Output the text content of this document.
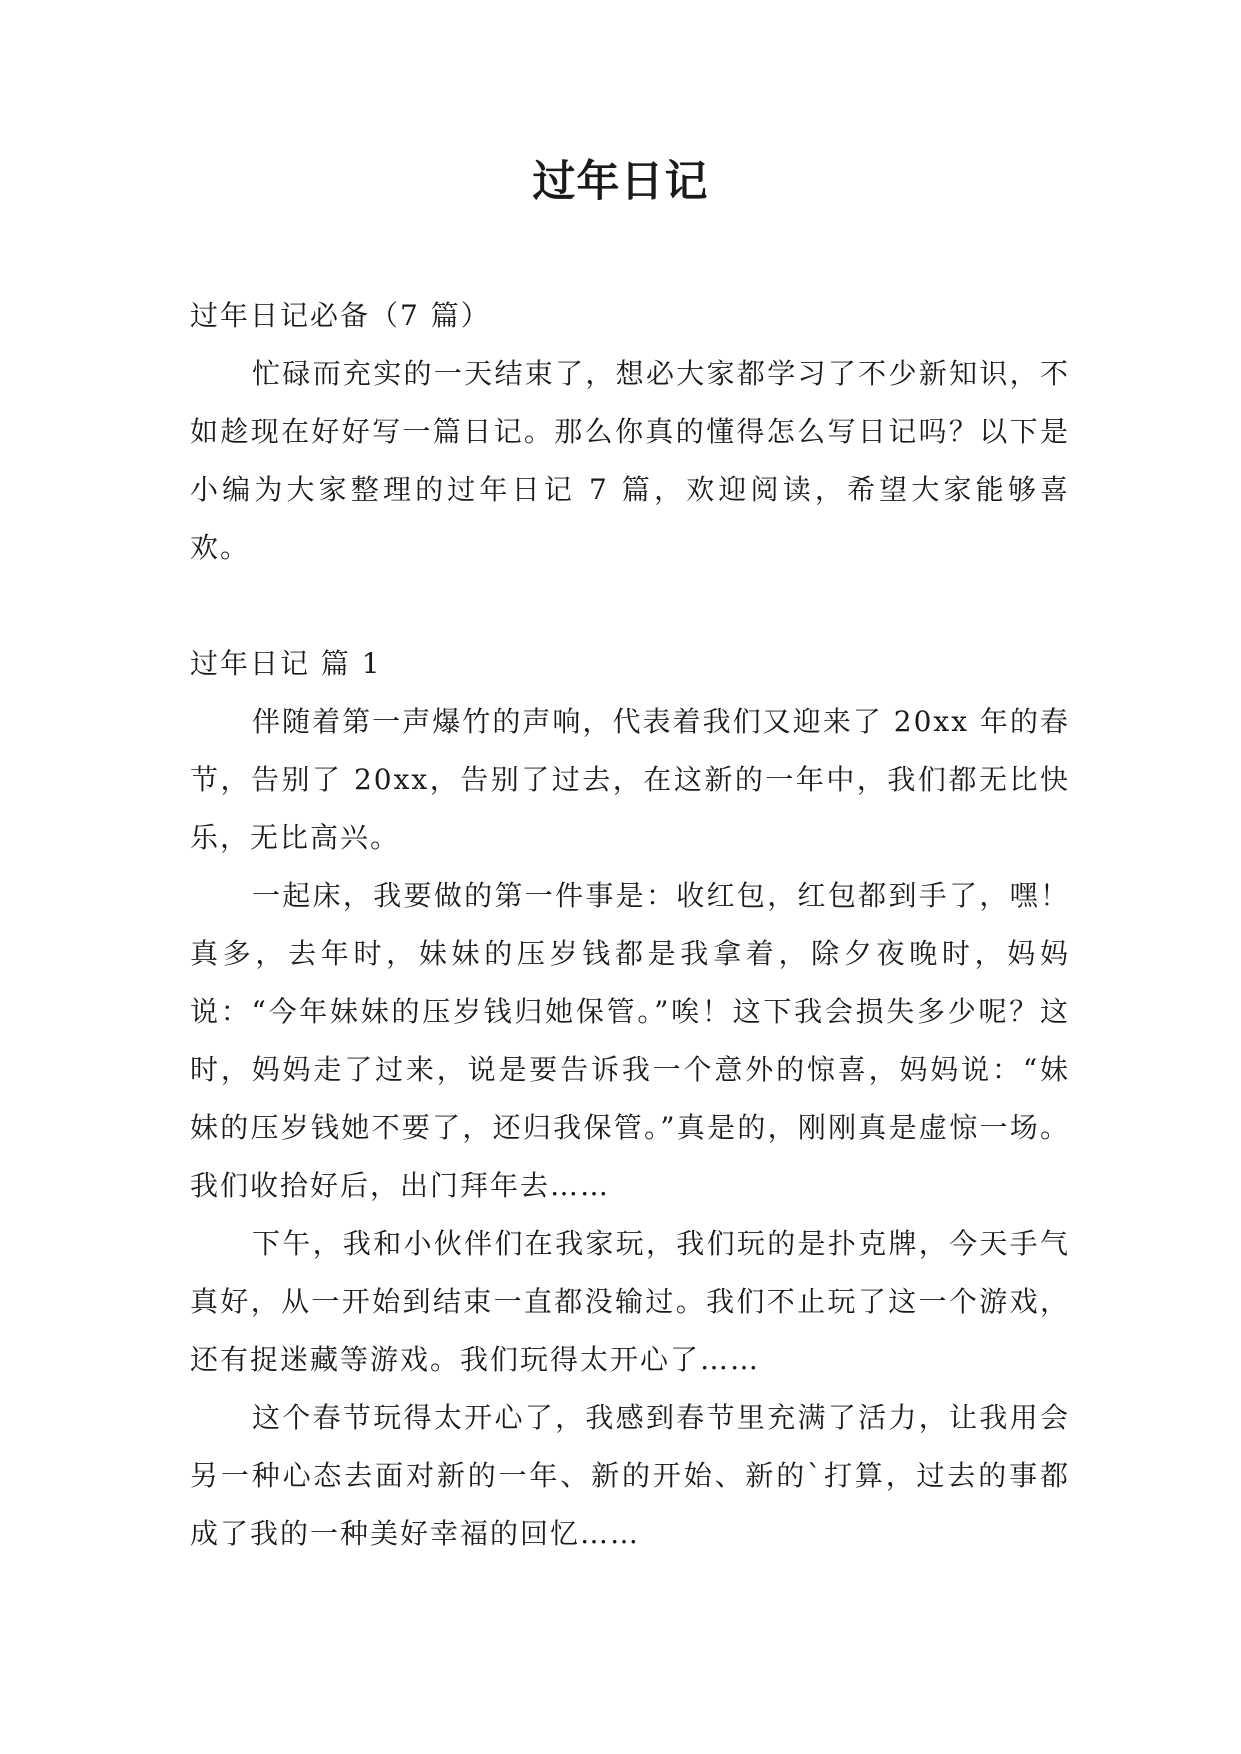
过年日记

过年日记必备（7 篇）

忙碌而充实的一天结束了，想必大家都学习了不少新知识，不如趁现在好好写一篇日记。那么你真的懂得怎么写日记吗？以下是小编为大家整理的过年日记 7 篇，欢迎阅读，希望大家能够喜欢。

过年日记 篇 1

伴随着第一声爆竹的声响，代表着我们又迎来了 20xx 年的春节，告别了 20xx，告别了过去，在这新的一年中，我们都无比快乐，无比高兴。

一起床，我要做的第一件事是：收红包，红包都到手了，嘿！真多，去年时，妹妹的压岁钱都是我拿着，除夕夜晚时，妈妈说：“今年妹妹的压岁钱归她保管。”唉！这下我会损失多少呢？这时，妈妈走了过来，说是要告诉我一个意外的惊喜，妈妈说：“妹妹的压岁钱她不要了，还归我保管。”真是的，刚刚真是虚惊一场。我们收拾好后，出门拜年去……

下午，我和小伙伴们在我家玩，我们玩的是扑克牌，今天手气真好，从一开始到结束一直都没输过。我们不止玩了这一个游戏，还有捉迷藏等游戏。我们玩得太开心了……

这个春节玩得太开心了，我感到春节里充满了活力，让我用会另一种心态去面对新的一年、新的开始、新的`打算，过去的事都成了我的一种美好幸福的回忆……
